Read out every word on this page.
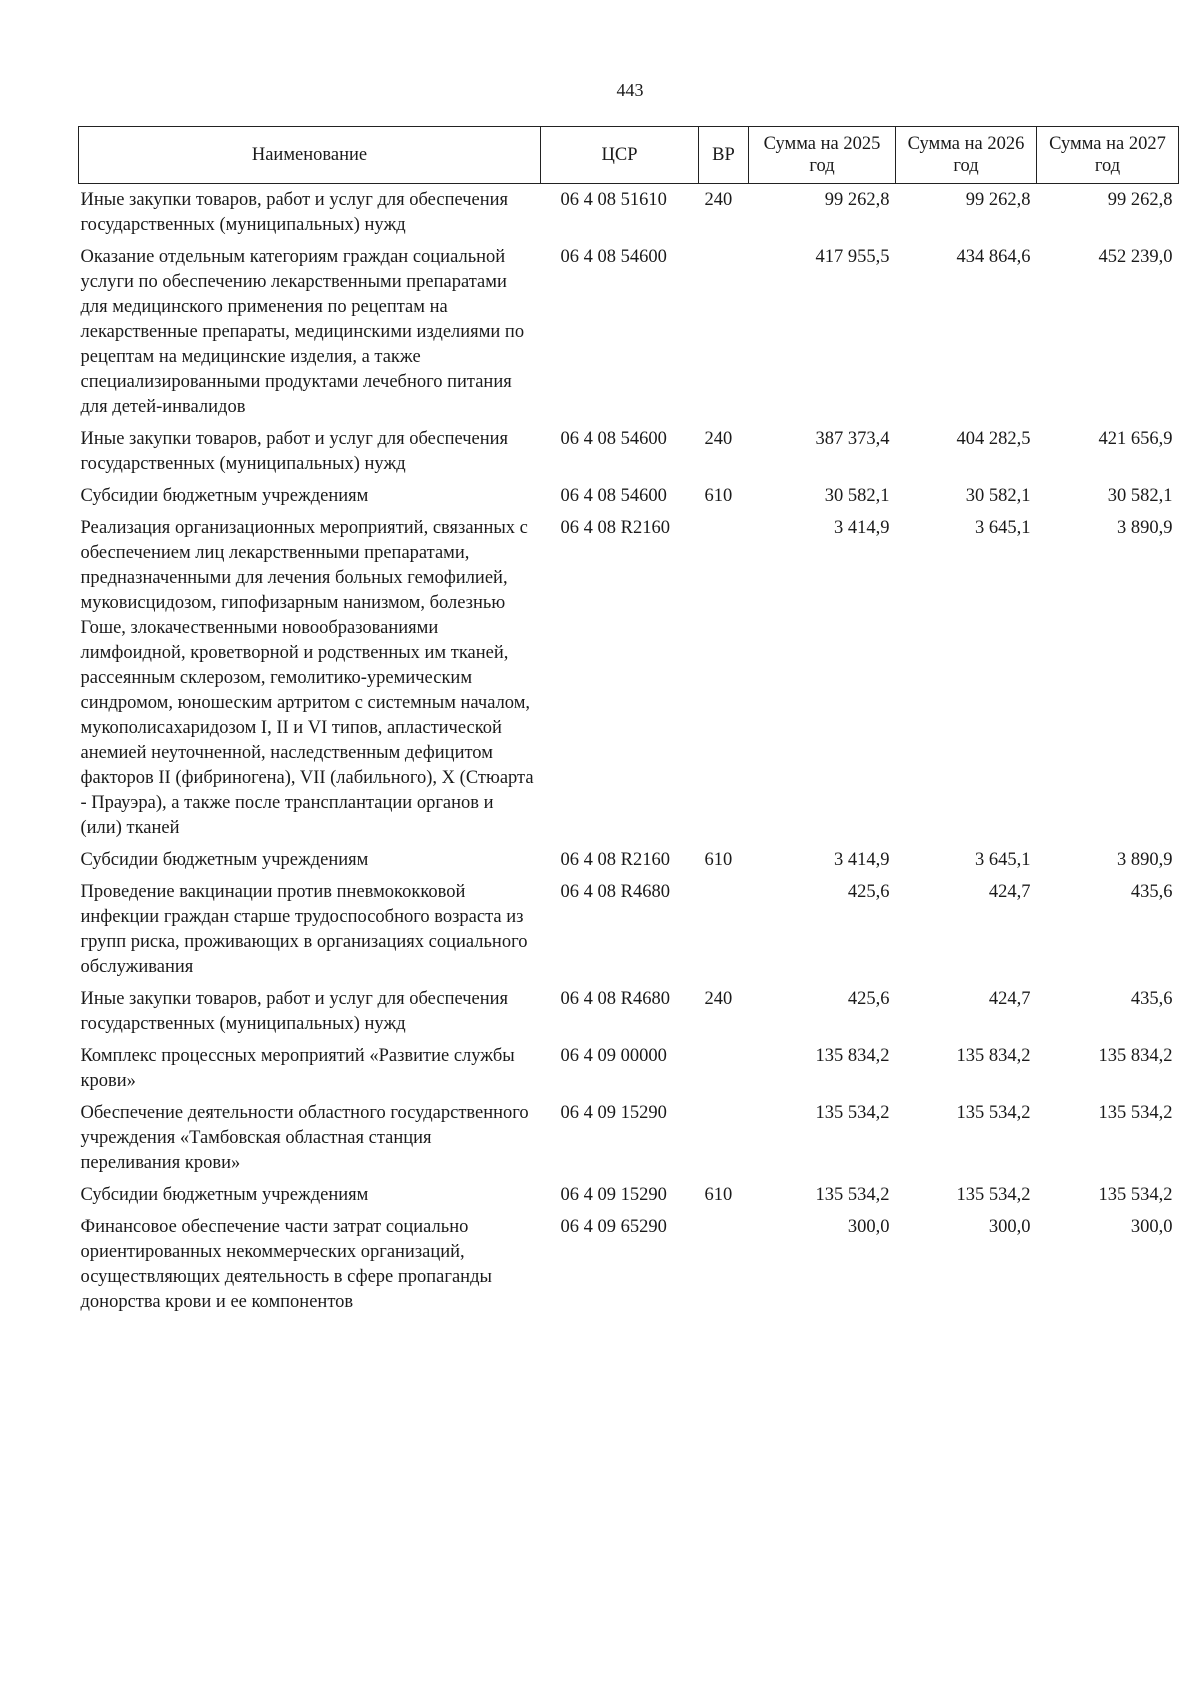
443
Наименование	ЦСР	ВР	Сумма на 2025 год	Сумма на 2026 год	Сумма на 2027 год
Иные закупки товаров, работ и услуг для обеспечения государственных (муниципальных) нужд	06 4 08 51610	240	99 262,8	99 262,8	99 262,8
Оказание отдельным категориям граждан социальной услуги по обеспечению лекарственными препаратами для медицинского применения по рецептам на лекарственные препараты, медицинскими изделиями по рецептам на медицинские изделия, а также специализированными продуктами лечебного питания для детей-инвалидов	06 4 08 54600		417 955,5	434 864,6	452 239,0
Иные закупки товаров, работ и услуг для обеспечения государственных (муниципальных) нужд	06 4 08 54600	240	387 373,4	404 282,5	421 656,9
Субсидии бюджетным учреждениям	06 4 08 54600	610	30 582,1	30 582,1	30 582,1
Реализация организационных мероприятий, связанных с обеспечением лиц лекарственными препаратами, предназначенными для лечения больных гемофилией, муковисцидозом, гипофизарным нанизмом, болезнью Гоше, злокачественными новообразованиями лимфоидной, кроветворной и родственных им тканей, рассеянным склерозом, гемолитико-уремическим синдромом, юношеским артритом с системным началом, мукополисахаридозом I, II и VI типов, апластической анемией неуточненной, наследственным дефицитом факторов II (фибриногена), VII (лабильного), X (Стюарта - Прауэра), а также после трансплантации органов и (или) тканей	06 4 08 R2160		3 414,9	3 645,1	3 890,9
Субсидии бюджетным учреждениям	06 4 08 R2160	610	3 414,9	3 645,1	3 890,9
Проведение вакцинации против пневмококковой инфекции граждан старше трудоспособного возраста из групп риска, проживающих в организациях социального обслуживания	06 4 08 R4680		425,6	424,7	435,6
Иные закупки товаров, работ и услуг для обеспечения государственных (муниципальных) нужд	06 4 08 R4680	240	425,6	424,7	435,6
Комплекс процессных мероприятий «Развитие службы крови»	06 4 09 00000		135 834,2	135 834,2	135 834,2
Обеспечение деятельности областного государственного учреждения «Тамбовская областная станция переливания крови»	06 4 09 15290		135 534,2	135 534,2	135 534,2
Субсидии бюджетным учреждениям	06 4 09 15290	610	135 534,2	135 534,2	135 534,2
Финансовое обеспечение части затрат социально ориентированных некоммерческих организаций, осуществляющих деятельность в сфере пропаганды донорства крови и ее компонентов	06 4 09 65290		300,0	300,0	300,0
